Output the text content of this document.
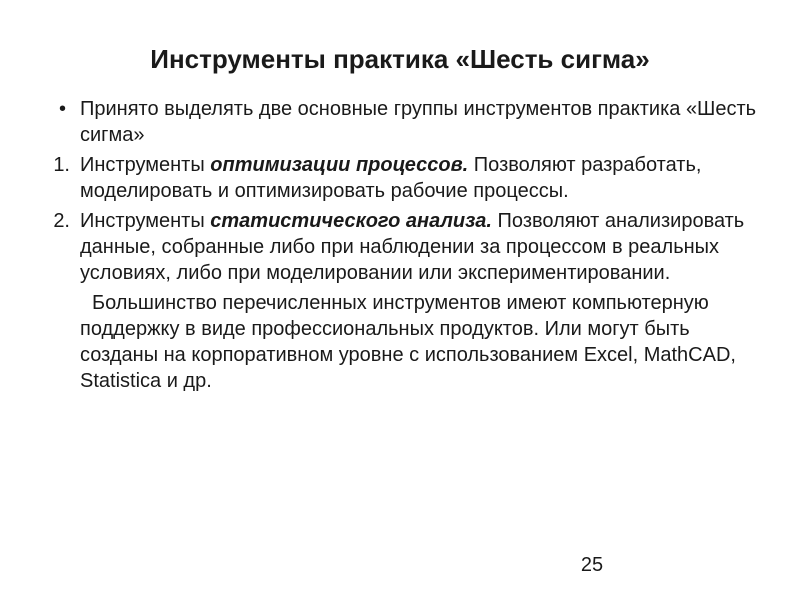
Инструменты практика «Шесть сигма»
• Принято выделять две основные группы инструментов практика «Шесть сигма»
1. Инструменты оптимизации процессов. Позволяют разработать, моделировать и оптимизировать рабочие процессы.
2. Инструменты статистического анализа. Позволяют анализировать данные, собранные либо при наблюдении за процессом в реальных условиях, либо при моделировании или экспериментировании.
Большинство перечисленных инструментов имеют компьютерную поддержку в виде профессиональных продуктов. Или могут быть созданы на корпоративном уровне с использованием Excel, MathCAD, Statistica и др.
25
